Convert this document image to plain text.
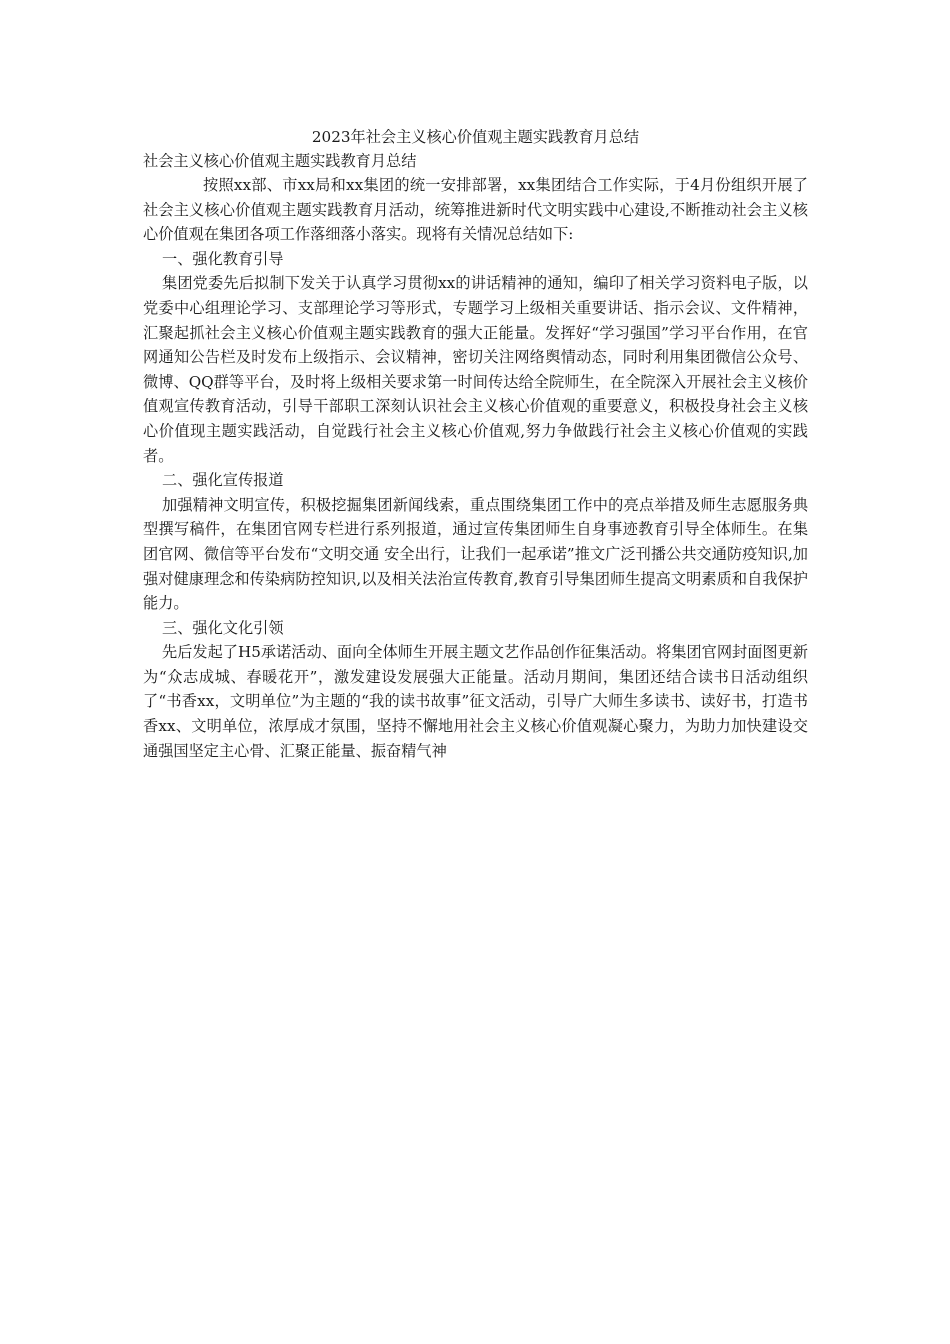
2023年社会主义核心价值观主题实践教育月总结
社会主义核心价值观主题实践教育月总结

按照xx部、市xx局和xx集团的统一安排部署，xx集团结合工作实际，于4月份组织开展了社会主义核心价值观主题实践教育月活动，统筹推进新时代文明实践中心建设,不断推动社会主义核心价值观在集团各项工作落细落小落实。现将有关情况总结如下:

一、强化教育引导

集团党委先后拟制下发关于认真学习贯彻xx的讲话精神的通知，编印了相关学习资料电子版，以党委中心组理论学习、支部理论学习等形式，专题学习上级相关重要讲话、指示会议、文件精神，汇聚起抓社会主义核心价值观主题实践教育的强大正能量。发挥好“学习强国”学习平台作用，在官网通知公告栏及时发布上级指示、会议精神，密切关注网络舆情动态，同时利用集团微信公众号、微博、QQ群等平台，及时将上级相关要求第一时间传达给全院师生，在全院深入开展社会主义核价值观宣传教育活动，引导干部职工深刻认识社会主义核心价值观的重要意义，积极投身社会主义核心价值现主题实践活动，自觉践行社会主义核心价值观,努力争做践行社会主义核心价值观的实践者。

二、强化宣传报道

加强精神文明宣传，积极挖掘集团新闻线索，重点围绕集团工作中的亮点举措及师生志愿服务典型撰写稿件，在集团官网专栏进行系列报道，通过宣传集团师生自身事迹教育引导全体师生。在集团官网、微信等平台发布“文明交通 安全出行，让我们一起承诺”推文广泛刊播公共交通防疫知识,加强对健康理念和传染病防控知识,以及相关法治宣传教育,教育引导集团师生提高文明素质和自我保护能力。

三、强化文化引领

先后发起了H5承诺活动、面向全体师生开展主题文艺作品创作征集活动。将集团官网封面图更新为“众志成城、春暖花开”，激发建设发展强大正能量。活动月期间，集团还结合读书日活动组织了“书香xx，文明单位”为主题的“我的读书故事”征文活动，引导广大师生多读书、读好书，打造书香xx、文明单位，浓厚成才氛围，坚持不懈地用社会主义核心价值观凝心聚力，为助力加快建设交通强国坚定主心骨、汇聚正能量、振奋精气神
